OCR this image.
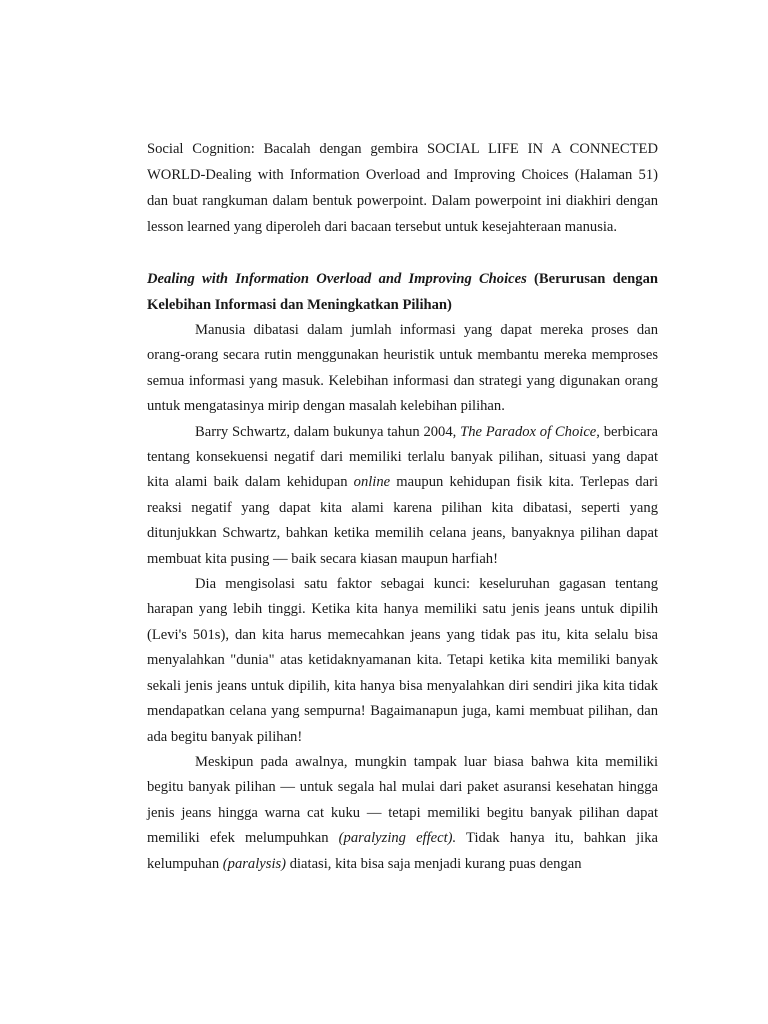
Social Cognition: Bacalah dengan gembira SOCIAL LIFE IN A CONNECTED WORLD-Dealing with Information Overload and Improving Choices (Halaman 51) dan buat rangkuman dalam bentuk powerpoint. Dalam powerpoint ini diakhiri dengan lesson learned yang diperoleh dari bacaan tersebut untuk kesejahteraan manusia.

Dealing with Information Overload and Improving Choices (Berurusan dengan Kelebihan Informasi dan Meningkatkan Pilihan)

Manusia dibatasi dalam jumlah informasi yang dapat mereka proses dan orang-orang secara rutin menggunakan heuristik untuk membantu mereka memproses semua informasi yang masuk. Kelebihan informasi dan strategi yang digunakan orang untuk mengatasinya mirip dengan masalah kelebihan pilihan.

Barry Schwartz, dalam bukunya tahun 2004, The Paradox of Choice, berbicara tentang konsekuensi negatif dari memiliki terlalu banyak pilihan, situasi yang dapat kita alami baik dalam kehidupan online maupun kehidupan fisik kita. Terlepas dari reaksi negatif yang dapat kita alami karena pilihan kita dibatasi, seperti yang ditunjukkan Schwartz, bahkan ketika memilih celana jeans, banyaknya pilihan dapat membuat kita pusing — baik secara kiasan maupun harfiah!

Dia mengisolasi satu faktor sebagai kunci: keseluruhan gagasan tentang harapan yang lebih tinggi. Ketika kita hanya memiliki satu jenis jeans untuk dipilih (Levi's 501s), dan kita harus memecahkan jeans yang tidak pas itu, kita selalu bisa menyalahkan "dunia" atas ketidaknyamanan kita. Tetapi ketika kita memiliki banyak sekali jenis jeans untuk dipilih, kita hanya bisa menyalahkan diri sendiri jika kita tidak mendapatkan celana yang sempurna! Bagaimanapun juga, kami membuat pilihan, dan ada begitu banyak pilihan!

Meskipun pada awalnya, mungkin tampak luar biasa bahwa kita memiliki begitu banyak pilihan — untuk segala hal mulai dari paket asuransi kesehatan hingga jenis jeans hingga warna cat kuku — tetapi memiliki begitu banyak pilihan dapat memiliki efek melumpuhkan (paralyzing effect). Tidak hanya itu, bahkan jika kelumpuhan (paralysis) diatasi, kita bisa saja menjadi kurang puas dengan
